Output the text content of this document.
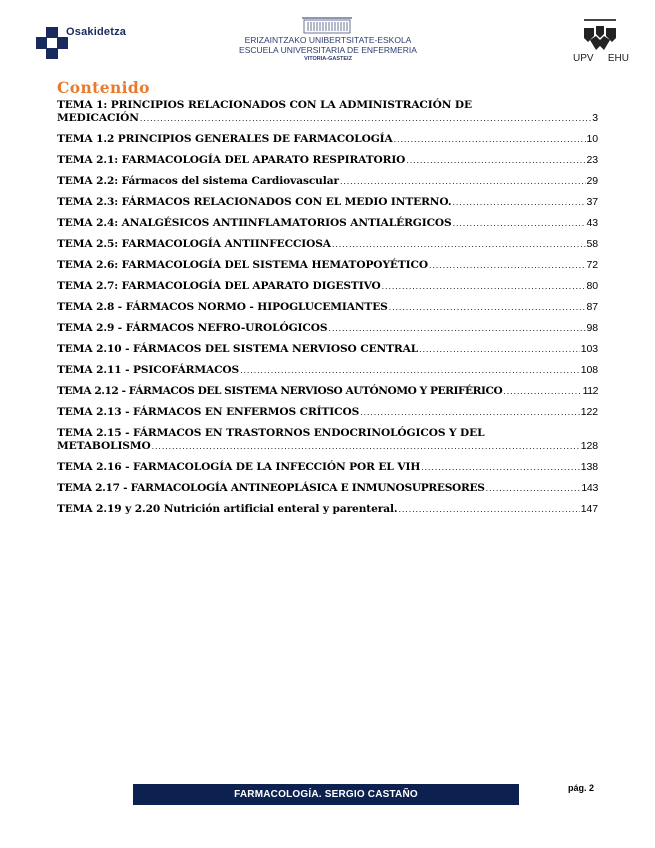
Osakidetza
ERIZAINTZAKO UNIBERTSITATE-ESKOLA
ESCUELA UNIVERSITARIA DE ENFERMERIA
VITORIA-GASTEIZ	UPV EHU
Contenido
TEMA 1: PRINCIPIOS RELACIONADOS CON LA ADMINISTRACIÓN DE
MEDICACIÓN .....	3
TEMA 1.2 PRINCIPIOS GENERALES DE FARMACOLOGÍA .....	10
TEMA 2.1: FARMACOLOGÍA DEL APARATO RESPIRATORIO .....	23
TEMA 2.2: Fármacos del sistema Cardiovascular .....	29
TEMA 2.3: FÁRMACOS RELACIONADOS CON EL MEDIO INTERNO. .....	37
TEMA 2.4: ANALGÉSICOS ANTIINFLAMATORIOS ANTIALÉRGICOS .....	43
TEMA 2.5: FARMACOLOGÍA ANTIINFECCIOSA .....	58
TEMA 2.6: FARMACOLOGÍA DEL SISTEMA HEMATOPOYÉTICO .....	72
TEMA 2.7: FARMACOLOGÍA DEL APARATO DIGESTIVO .....	80
TEMA 2.8 - FÁRMACOS NORMO - HIPOGLUCEMIANTES .....	87
TEMA 2.9 - FÁRMACOS NEFRO-UROLÓGICOS .....	98
TEMA 2.10 - FÁRMACOS DEL SISTEMA NERVIOSO CENTRAL .....	103
TEMA 2.11 - PSICOFÁRMACOS .....	108
TEMA 2.12 - FÁRMACOS DEL SISTEMA NERVIOSO AUTÓNOMO Y PERIFÉRICO .....	112
TEMA 2.13 - FÁRMACOS EN ENFERMOS CRÍTICOS .....	122
TEMA 2.15 - FÁRMACOS EN TRASTORNOS ENDOCRINOLÓGICOS Y DEL
METABOLISMO .....	128
TEMA 2.16 - FARMACOLOGÍA DE LA INFECCIÓN POR EL VIH .....	138
TEMA 2.17 - FARMACOLOGÍA ANTINEOPLÁSICA E INMUNOSUPRESORES .....	143
TEMA 2.19 y 2.20 Nutrición artificial enteral y parenteral. .....	147
FARMACOLOGÍA. SERGIO CASTAÑO
pág. 2
